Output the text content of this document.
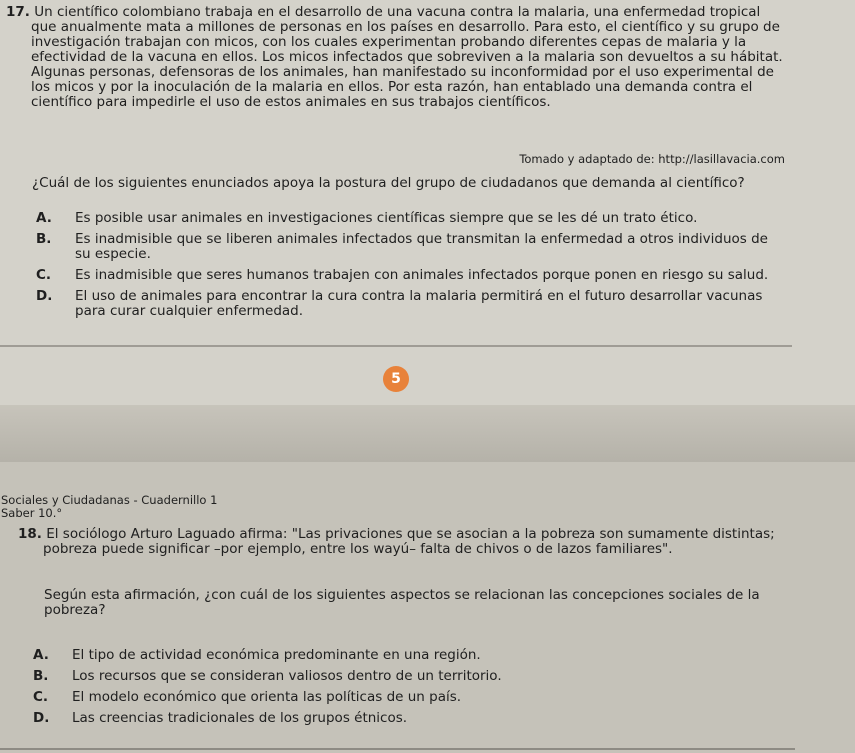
17. Un científico colombiano trabaja en el desarrollo de una vacuna contra la malaria, una enfermedad tropical que anualmente mata a millones de personas en los países en desarrollo. Para esto, el científico y su grupo de investigación trabajan con micos, con los cuales experimentan probando diferentes cepas de malaria y la efectividad de la vacuna en ellos. Los micos infectados que sobreviven a la malaria son devueltos a su hábitat. Algunas personas, defensoras de los animales, han manifestado su inconformidad por el uso experimental de los micos y por la inoculación de la malaria en ellos. Por esta razón, han entablado una demanda contra el científico para impedirle el uso de estos animales en sus trabajos científicos.

Tomado y adaptado de: http://lasillavacia.com
¿Cuál de los siguientes enunciados apoya la postura del grupo de ciudadanos que demanda al científico?
A. Es posible usar animales en investigaciones científicas siempre que se les dé un trato ético.
B. Es inadmisible que se liberen animales infectados que transmitan la enfermedad a otros individuos de su especie.
C. Es inadmisible que seres humanos trabajen con animales infectados porque ponen en riesgo su salud.
D. El uso de animales para encontrar la cura contra la malaria permitirá en el futuro desarrollar vacunas para curar cualquier enfermedad.
5
Sociales y Ciudadanas - Cuadernillo 1
Saber 10.°

18. El sociólogo Arturo Laguado afirma: "Las privaciones que se asocian a la pobreza son sumamente distintas; pobreza puede significar –por ejemplo, entre los wayú– falta de chivos o de lazos familiares".

Según esta afirmación, ¿con cuál de los siguientes aspectos se relacionan las concepciones sociales de la pobreza?
A. El tipo de actividad económica predominante en una región.
B. Los recursos que se consideran valiosos dentro de un territorio.
C. El modelo económico que orienta las políticas de un país.
D. Las creencias tradicionales de los grupos étnicos.
